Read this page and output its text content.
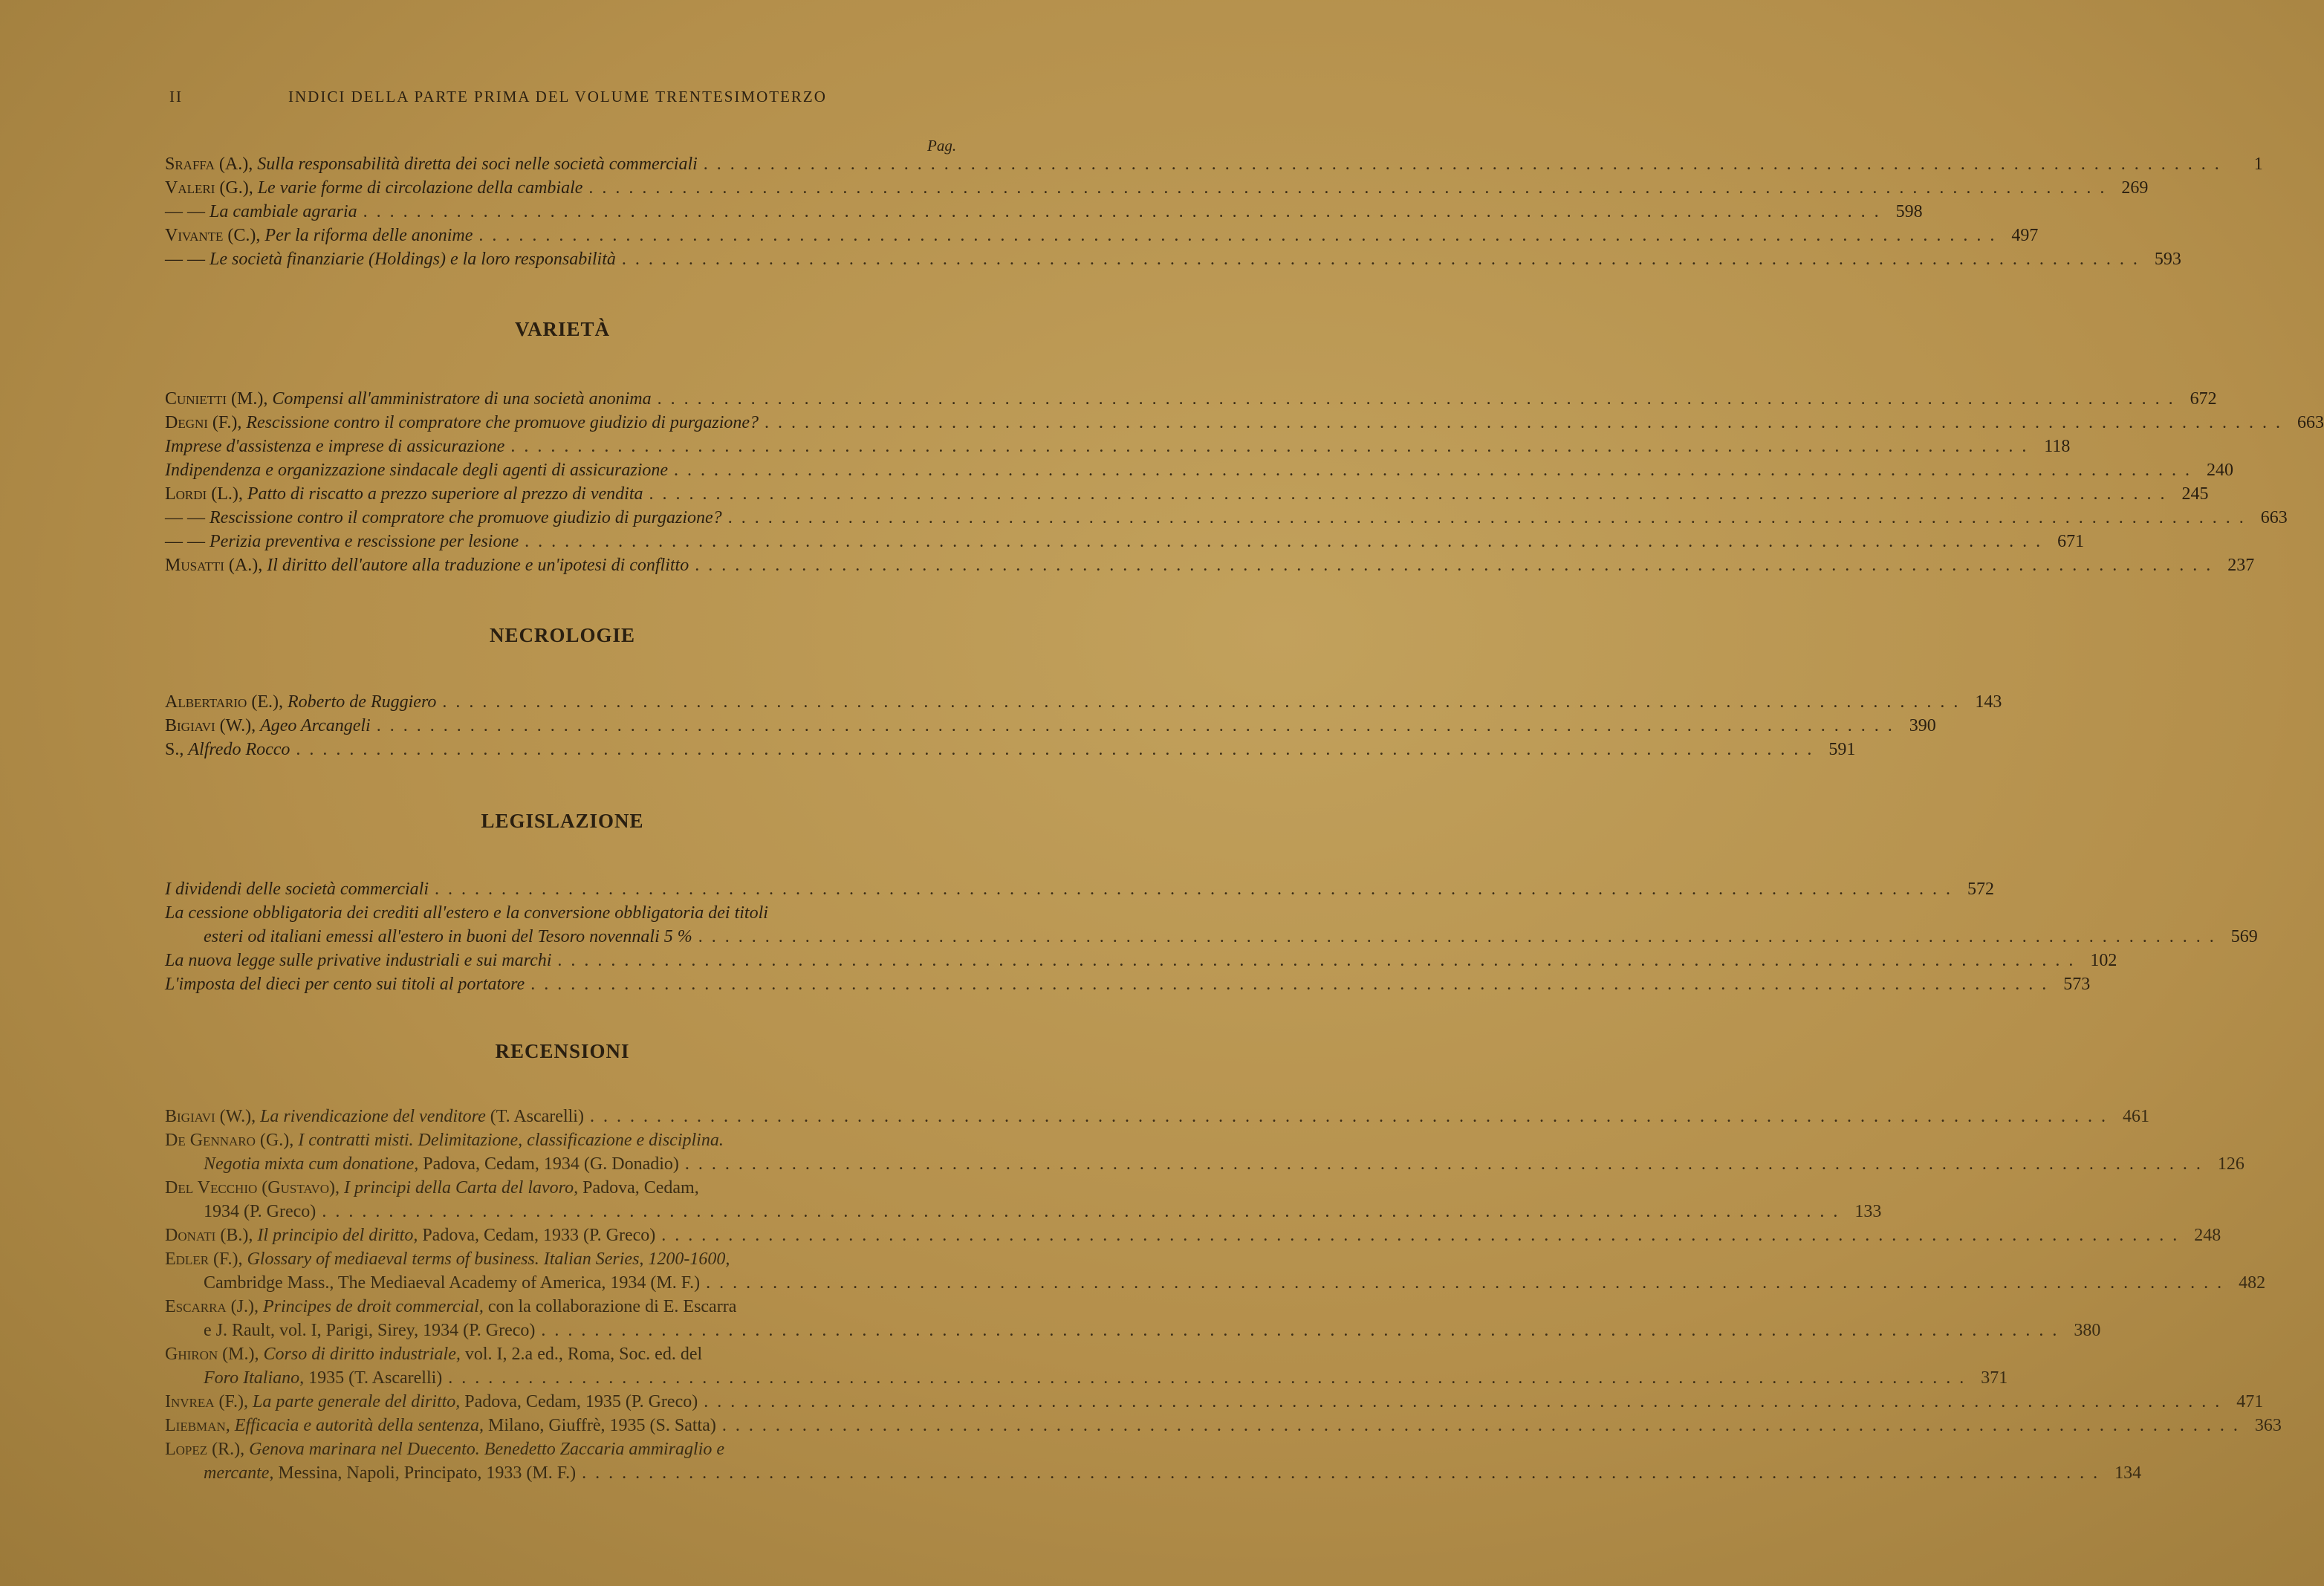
II	INDICI DELLA PARTE PRIMA DEL VOLUME TRENTESIMOTERZO
Pag.
Sraffa (A.), Sulla responsabilità diretta dei soci nelle società commerciali . . .	1
Valeri (G.), Le varie forme di circolazione della cambiale . . .	269
— — La cambiale agraria . . .	598
Vivante (C.), Per la riforma delle anonime . . .	497
— — Le società finanziarie (Holdings) e la loro responsabilità . . .	593
VARIETÀ
Cunietti (M.), Compensi all'amministratore di una società anonima . . .	672
Degni (F.), Rescissione contro il compratore che promuove giudizio di purgazione? . . .	663
Imprese d'assistenza e imprese di assicurazione . . .	118
Indipendenza e organizzazione sindacale degli agenti di assicurazione . . .	240
Lordi (L.), Patto di riscatto a prezzo superiore al prezzo di vendita . . .	245
— — Rescissione contro il compratore che promuove giudizio di purgazione? . . .	663
— — Perizia preventiva e rescissione per lesione . . .	671
Musatti (A.), Il diritto dell'autore alla traduzione e un'ipotesi di conflitto . . .	237
NECROLOGIE
Albertario (E.), Roberto de Ruggiero . . .	143
Bigiavi (W.), Ageo Arcangeli . . .	390
S., Alfredo Rocco . . .	591
LEGISLAZIONE
I dividendi delle società commerciali . . .	572
La cessione obbligatoria dei crediti all'estero e la conversione obbligatoria dei titoli
esteri od italiani emessi all'estero in buoni del Tesoro novennali 5 % . . .	569
La nuova legge sulle privative industriali e sui marchi . . .	102
L'imposta del dieci per cento sui titoli al portatore . . .	573
RECENSIONI
Bigiavi (W.), La rivendicazione del venditore (T. Ascarelli) . . .	461
De Gennaro (G.), I contratti misti. Delimitazione, classificazione e disciplina.
Negotia mixta cum donatione, Padova, Cedam, 1934 (G. Donadio) . . .	126
Del Vecchio (Gustavo), I principi della Carta del lavoro, Padova, Cedam,
1934 (P. Greco) . . .	133
Donati (B.), Il principio del diritto, Padova, Cedam, 1933 (P. Greco) . . .	248
Edler (F.), Glossary of mediaeval terms of business. Italian Series, 1200-1600,
Cambridge Mass., The Mediaeval Academy of America, 1934 (M. F.) . . .	482
Escarra (J.), Principes de droit commercial, con la collaborazione di E. Escarra
e J. Rault, vol. I, Parigi, Sirey, 1934 (P. Greco) . . .	380
Ghiron (M.), Corso di diritto industriale, vol. I, 2.a ed., Roma, Soc. ed. del
Foro Italiano, 1935 (T. Ascarelli) . . .	371
Invrea (F.), La parte generale del diritto, Padova, Cedam, 1935 (P. Greco) . . .	471
Liebman, Efficacia e autorità della sentenza, Milano, Giuffrè, 1935 (S. Satta) . . .	363
Lopez (R.), Genova marinara nel Duecento. Benedetto Zaccaria ammiraglio e
mercante, Messina, Napoli, Principato, 1933 (M. F.) . . .	134
